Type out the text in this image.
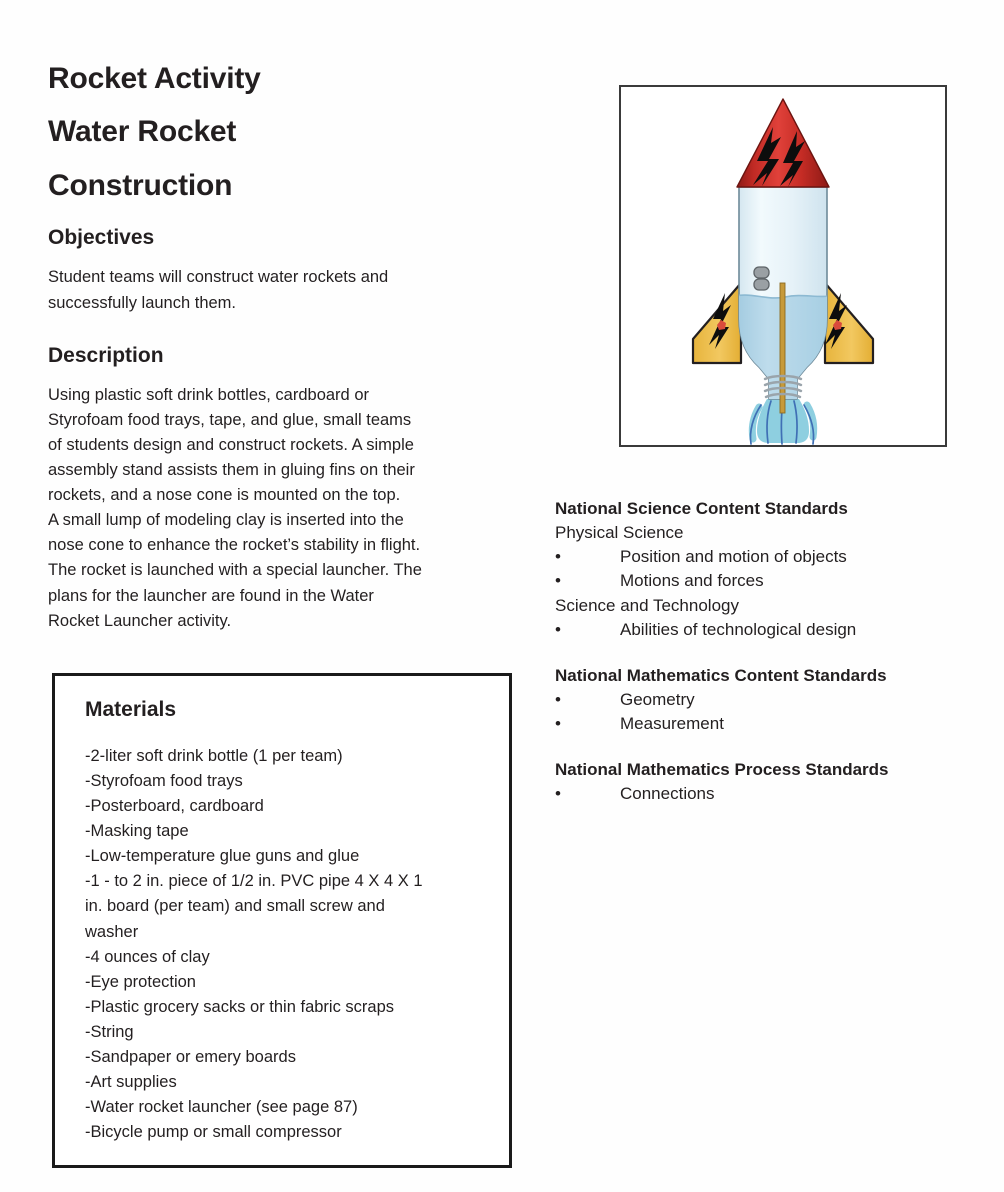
Rocket Activity
Water Rocket
Construction
Objectives

Student teams will construct water rockets and
successfully launch them.

Description

Using plastic soft drink bottles, cardboard or
Styrofoam food trays, tape, and glue, small teams
of students design and construct rockets. A simple
assembly stand assists them in gluing fins on their
rockets, and a nose cone is mounted on the top.
A small lump of modeling clay is inserted into the
nose cone to enhance the rocket’s stability in flight.
The rocket is launched with a special launcher. The
plans for the launcher are found in the Water
Rocket Launcher activity.

Materials
-2-liter soft drink bottle (1 per team)
-Styrofoam food trays
-Posterboard, cardboard
-Masking tape
-Low-temperature glue guns and glue
-1 - to 2 in. piece of 1/2 in. PVC pipe 4 X 4 X 1
in. board (per team) and small screw and
washer
-4 ounces of clay
-Eye protection
-Plastic grocery sacks or thin fabric scraps
-String
-Sandpaper or emery boards
-Art supplies
-Water rocket launcher (see page 87)
-Bicycle pump or small compressor
National Science Content Standards
Physical Science
•	Position and motion of objects
•	Motions and forces
Science and Technology
•	Abilities of technological design
National Mathematics Content Standards
•	Geometry
•	Measurement
National Mathematics Process Standards
•	Connections
